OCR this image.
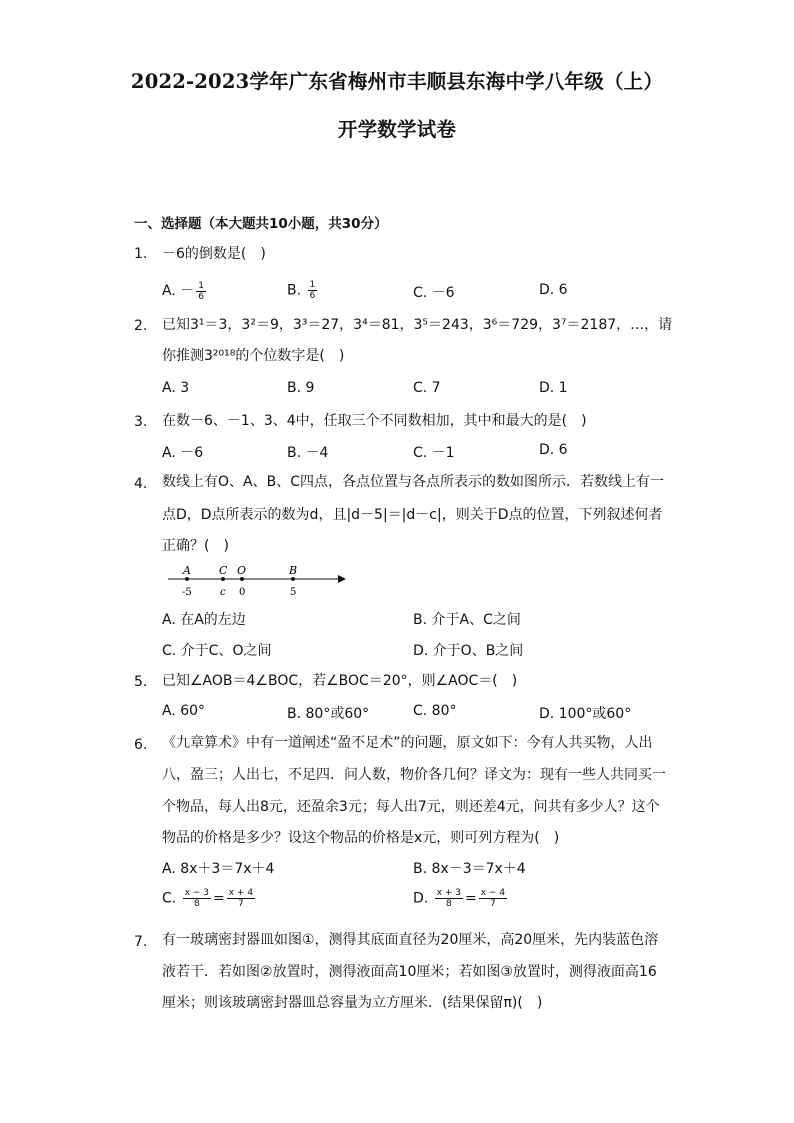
2022-2023学年广东省梅州市丰顺县东海中学八年级（上）
开学数学试卷
一、选择题（本大题共10小题，共30分）
1. －6的倒数是(　)
A. － $\frac{1}{6}$	B. $\frac{1}{6}$	C. －6	D. 6
2. 已知3¹＝3，3²＝9，3³＝27，3⁴＝81，3⁵＝243，3⁶＝729，3⁷＝2187，…，请
你推测3²⁰¹⁸的个位数字是(　)
A. 3	B. 9	C. 7	D. 1
3. 在数－6、－1、3、4中，任取三个不同数相加，其中和最大的是(　)
A. －6	B. －4	C. －1	D. 6
4. 数线上有O、A、B、C四点，各点位置与各点所表示的数如图所示．若数线上有一
点D，D点所表示的数为d，且|d－5|＝|d－c|，则关于D点的位置，下列叙述何者
正确？(　)
A	C O	B
-5	c 0	5
A. 在A的左边	B. 介于A、C之间
C. 介于C、O之间	D. 介于O、B之间
5. 已知∠AOB＝4∠BOC，若∠BOC＝20°，则∠AOC＝(　)
A. 60°	B. 80°或60°	C. 80°	D. 100°或60°
6. 《九章算术》中有一道阐述“盈不足术”的问题，原文如下：今有人共买物，人出
八，盈三；人出七，不足四．问人数，物价各几何？译文为：现有一些人共同买一
个物品，每人出8元，还盈余3元；每人出7元，则还差4元，问共有多少人？这个
物品的价格是多少？设这个物品的价格是x元，则可列方程为(　)
A. 8x＋3＝7x＋4	B. 8x－3＝7x＋4
C. $\frac{x - 3}{8} = \frac{x + 4}{7}$	D. $\frac{x + 3}{8} = \frac{x - 4}{7}$
7. 有一玻璃密封器皿如图①，测得其底面直径为20厘米，高20厘米，先内装蓝色溶
液若干．若如图②放置时，测得液面高10厘米；若如图③放置时，测得液面高16
厘米；则该玻璃密封器皿总容量为立方厘米．(结果保留π)(　)
